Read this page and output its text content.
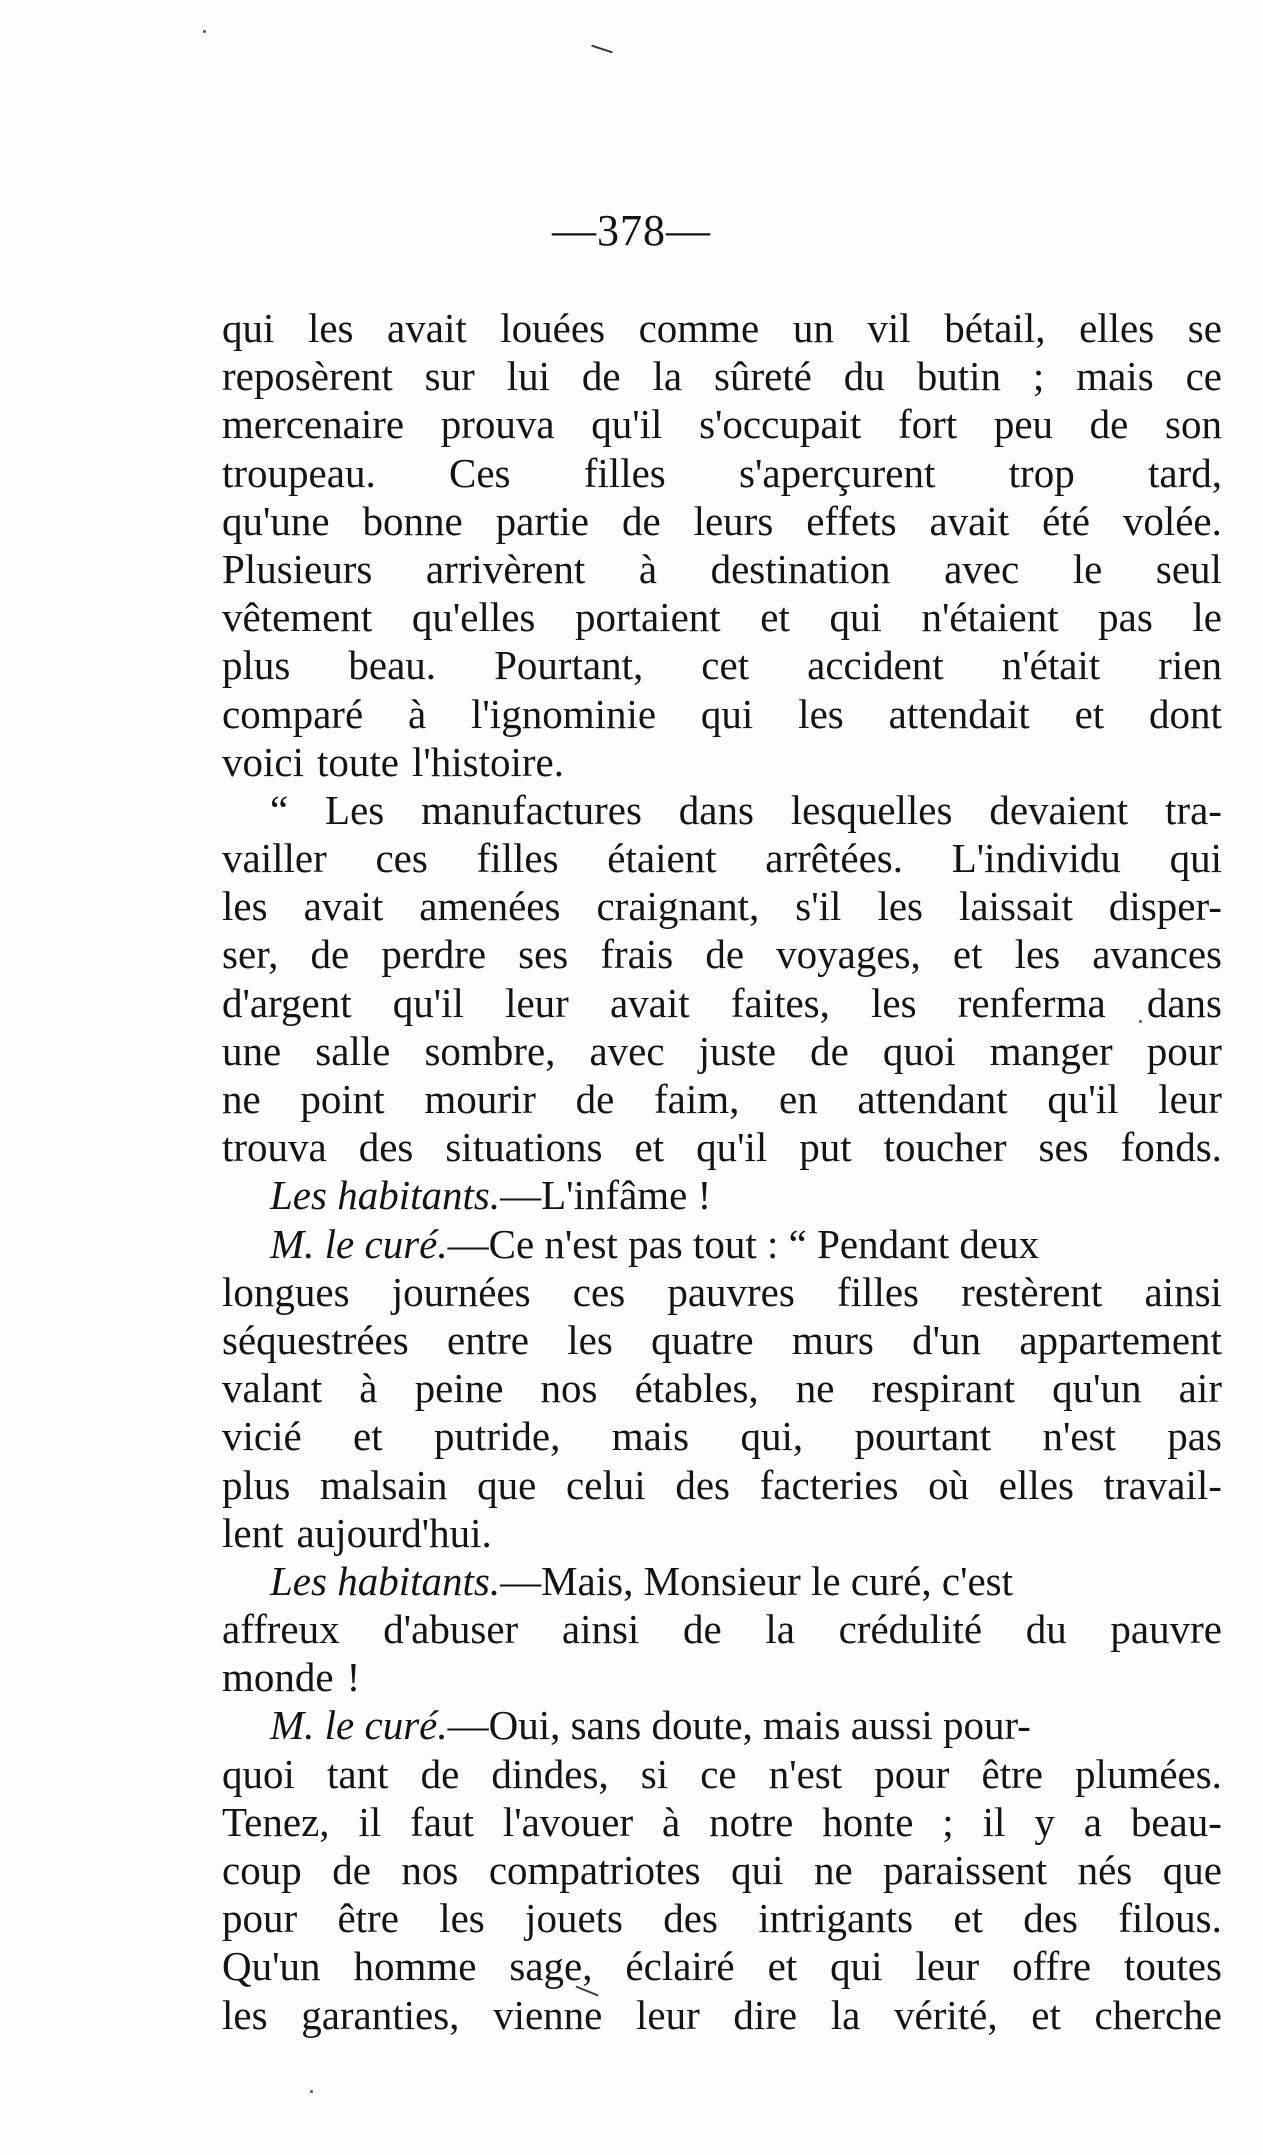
—378—
qui les avait louées comme un vil bétail, elles se
reposèrent sur lui de la sûreté du butin ; mais ce
mercenaire prouva qu'il s'occupait fort peu de son
troupeau. Ces filles s'aperçurent trop tard,
qu'une bonne partie de leurs effets avait été volée.
Plusieurs arrivèrent à destination avec le seul
vêtement qu'elles portaient et qui n'étaient pas le
plus beau. Pourtant, cet accident n'était rien
comparé à l'ignominie qui les attendait et dont
voici toute l'histoire.
“ Les manufactures dans lesquelles devaient tra-
vailler ces filles étaient arrêtées. L'individu qui
les avait amenées craignant, s'il les laissait disper-
ser, de perdre ses frais de voyages, et les avances
d'argent qu'il leur avait faites, les renferma dans
une salle sombre, avec juste de quoi manger pour
ne point mourir de faim, en attendant qu'il leur
trouva des situations et qu'il put toucher ses fonds.
Les habitants. —L'infâme !
M. le curé. —Ce n'est pas tout : “ Pendant deux
longues journées ces pauvres filles restèrent ainsi
séquestrées entre les quatre murs d'un appartement
valant à peine nos étables, ne respirant qu'un air
vicié et putride, mais qui, pourtant n'est pas
plus malsain que celui des facteries où elles travail-
lent aujourd'hui.
Les habitants. —Mais, Monsieur le curé, c'est
affreux d'abuser ainsi de la crédulité du pauvre
monde !
M. le curé. —Oui, sans doute, mais aussi pour-
quoi tant de dindes, si ce n'est pour être plumées.
Tenez, il faut l'avouer à notre honte ; il y a beau-
coup de nos compatriotes qui ne paraissent nés que
pour être les jouets des intrigants et des filous.
Qu'un homme sage, éclairé et qui leur offre toutes
les garanties, vienne leur dire la vérité, et cherche
